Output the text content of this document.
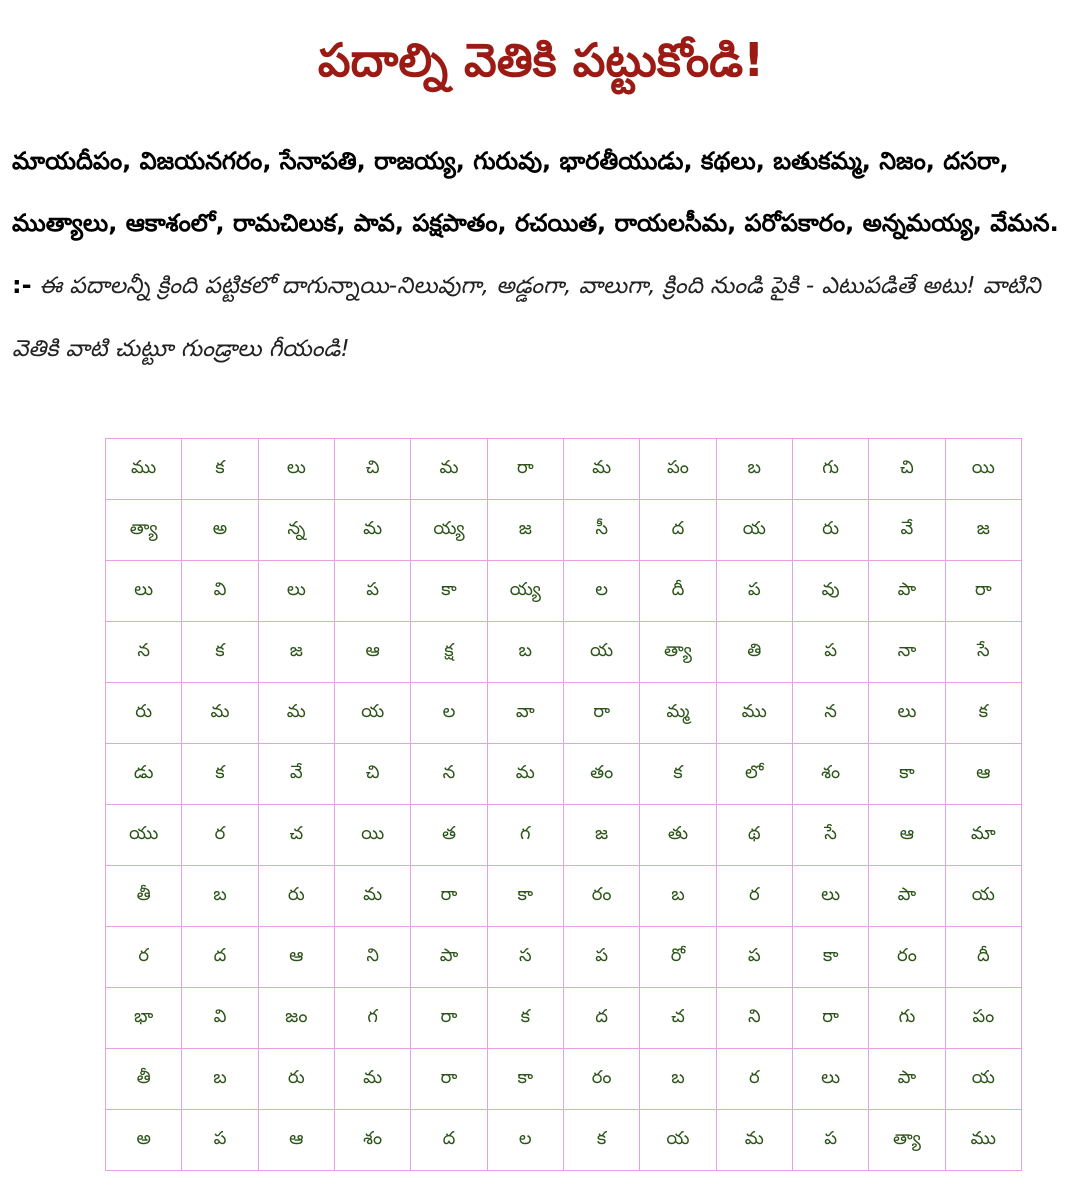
పదాల్ని వెతికి పట్టుకోండి!

మాయదీపం, విజయనగరం, సేనాపతి, రాజయ్య, గురువు, భారతీయుడు, కథలు, బతుకమ్మ, నిజం, దసరా, ముత్యాలు, ఆకాశంలో, రామచిలుక, పావ, పక్షపాతం, రచయిత, రాయలసీమ, పరోపకారం, అన్నమయ్య, వేమన. :- ఈ పదాలన్నీ క్రింది పట్టికలో దాగున్నాయి-నిలువుగా, అడ్డంగా, వాలుగా, క్రింది నుండి పైకి - ఎటుపడితే అటు! వాటిని వెతికి వాటి చుట్టూ గుండ్రాలు గీయండి!

ము	క	లు	చి	మ	రా	మ	పం	బ	గు	చి	యి
త్యా	అ	న్న	మ	య్య	జ	సీ	ద	య	రు	వే	జ
లు	వి	లు	ప	కా	య్య	ల	దీ	ప	వు	పా	రా
న	క	జ	ఆ	క్ష	బ	య	త్యా	తి	ప	నా	సే
రు	మ	మ	య	ల	వా	రా	మ్మ	ము	న	లు	క
డు	క	వే	చి	న	మ	తం	క	లో	శం	కా	ఆ
యు	ర	చ	యి	త	గ	జ	తు	థ	సే	ఆ	మా
తీ	బ	రు	మ	రా	కా	రం	బ	ర	లు	పా	య
ర	ద	ఆ	ని	పా	స	ప	రో	ప	కా	రం	దీ
భా	వి	జం	గ	రా	క	ద	చ	ని	రా	గు	పం
తీ	బ	రు	మ	రా	కా	రం	బ	ర	లు	పా	య
అ	ప	ఆ	శం	ద	ల	క	య	మ	ప	త్యా	ము
